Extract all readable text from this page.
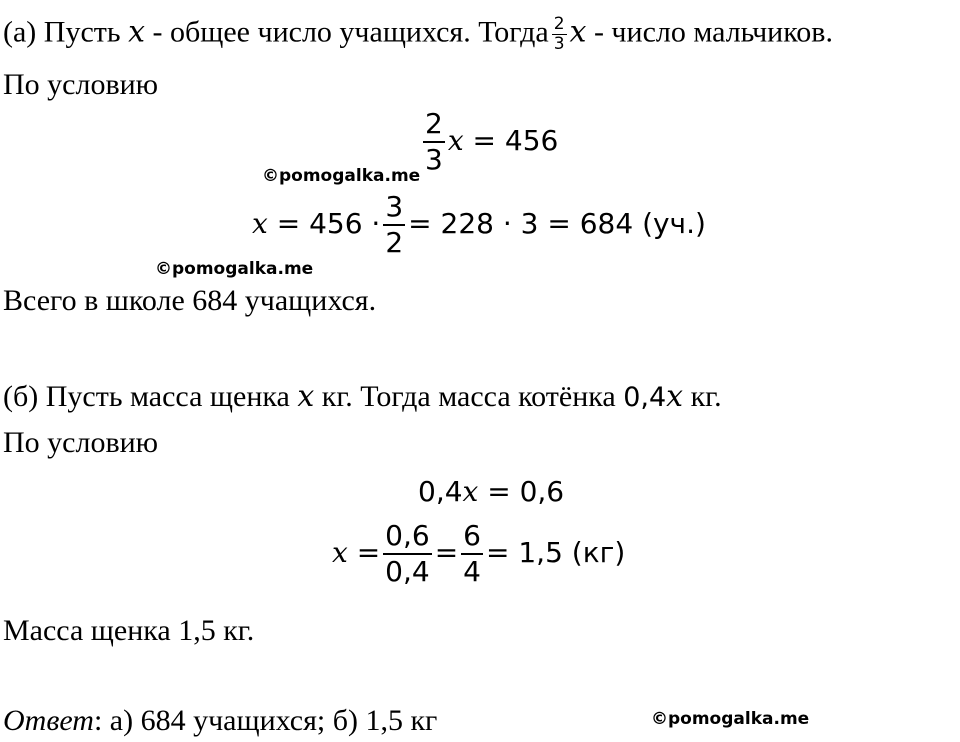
(а) Пусть x - общее число учащихся. Тогда $\frac{2}{3}$ x - число мальчиков.
По условию
$\frac{2}{3}$ x = 456
©pomogalka.me
$x = 456 \cdot \frac{3}{2} = 228 \cdot 3 = 684$ (уч.)
©pomogalka.me
Всего в школе 684 учащихся.
(б) Пусть масса щенка x кг. Тогда масса котёнка 0,4x кг.
По условию
0,4x = 0,6
$x = \frac{0,6}{0,4} = \frac{6}{4} = 1,5$ (кг)
Масса щенка 1,5 кг.
Ответ: а) 684 учащихся; б) 1,5 кг	©pomogalka.me
